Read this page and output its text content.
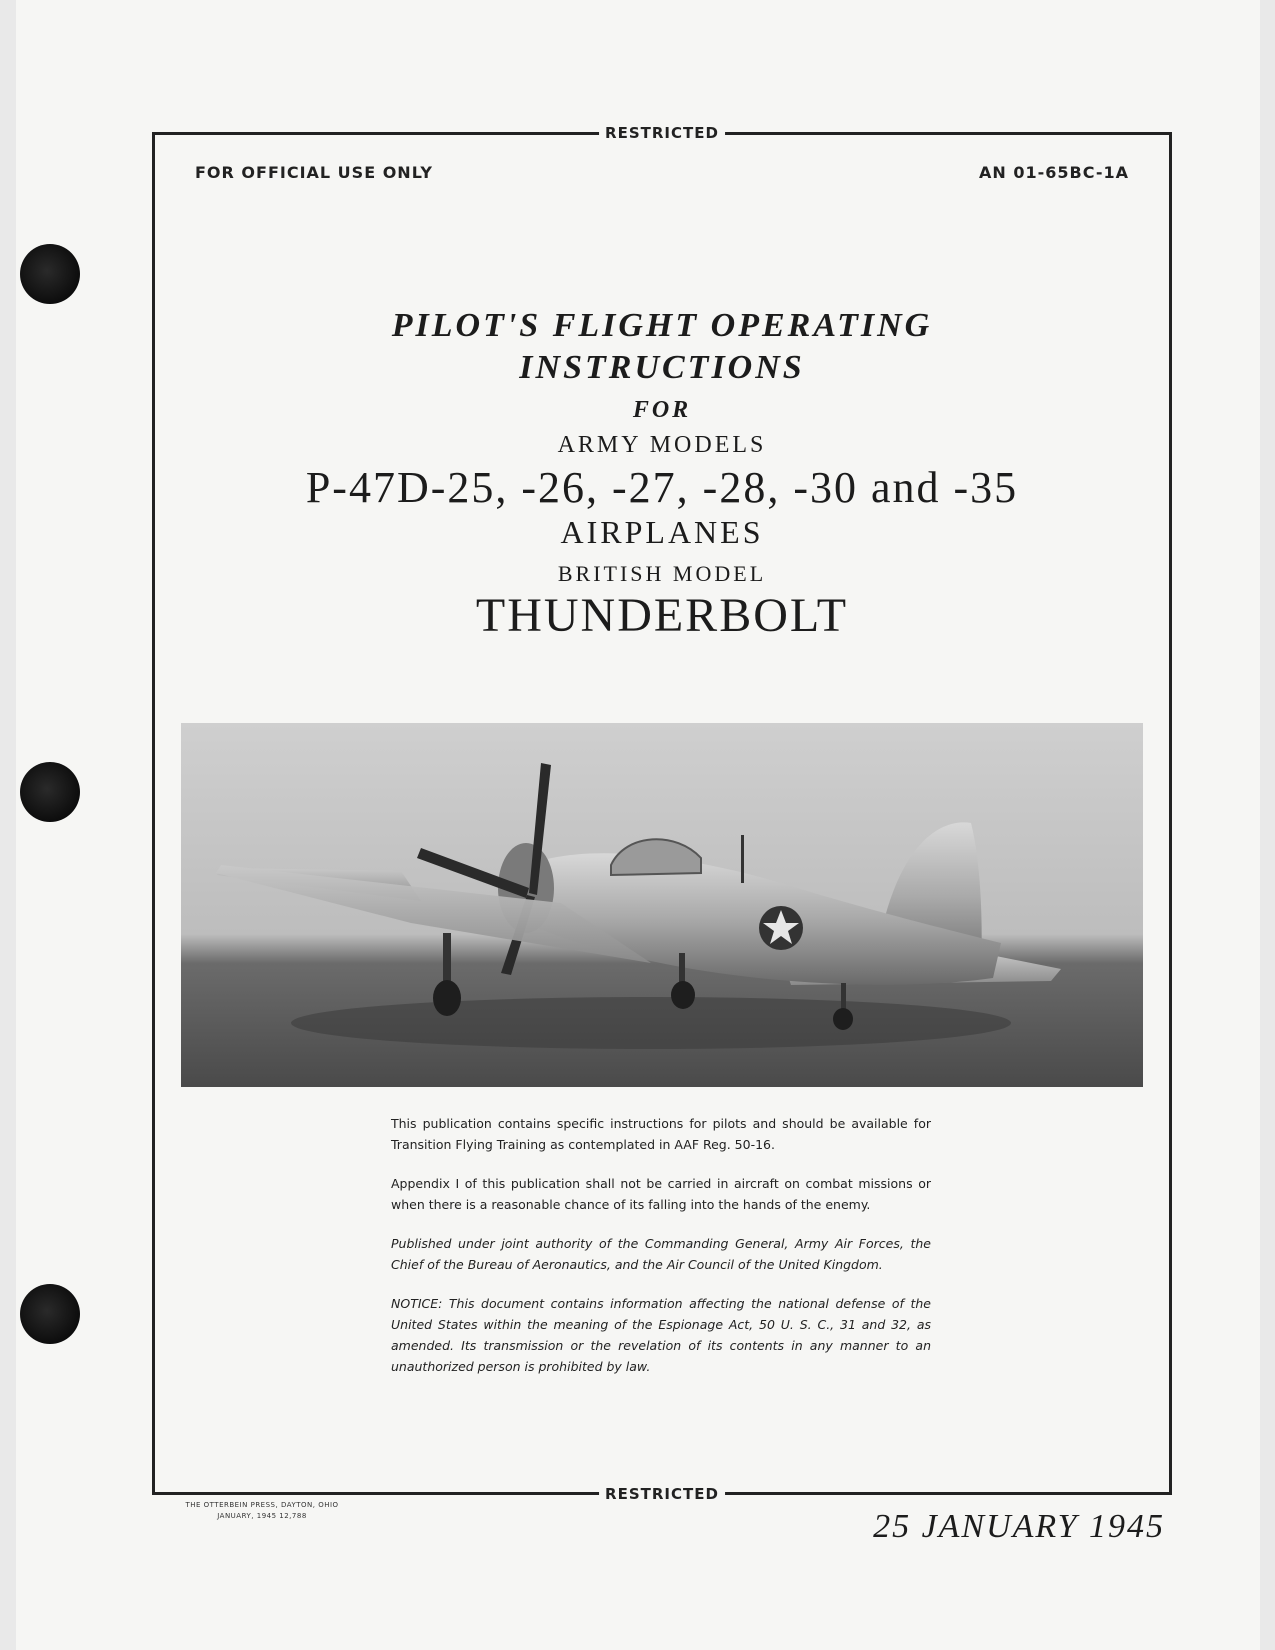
RESTRICTED
FOR OFFICIAL USE ONLY	AN 01-65BC-1A
PILOT'S FLIGHT OPERATING
INSTRUCTIONS
FOR
ARMY MODELS
P-47D-25, -26, -27, -28, -30 and -35
AIRPLANES
BRITISH MODEL
THUNDERBOLT

This publication contains specific instructions for pilots and should be available for Transition Flying Training as contemplated in AAF Reg. 50-16.

Appendix I of this publication shall not be carried in aircraft on combat missions or when there is a reasonable chance of its falling into the hands of the enemy.

Published under joint authority of the Commanding General, Army Air Forces, the Chief of the Bureau of Aeronautics, and the Air Council of the United Kingdom.

NOTICE: This document contains information affecting the national defense of the United States within the meaning of the Espionage Act, 50 U. S. C., 31 and 32, as amended. Its transmission or the revelation of its contents in any manner to an unauthorized person is prohibited by law.

RESTRICTED
THE OTTERBEIN PRESS, DAYTON, OHIO
JANUARY, 1945 12,788	25 JANUARY 1945
